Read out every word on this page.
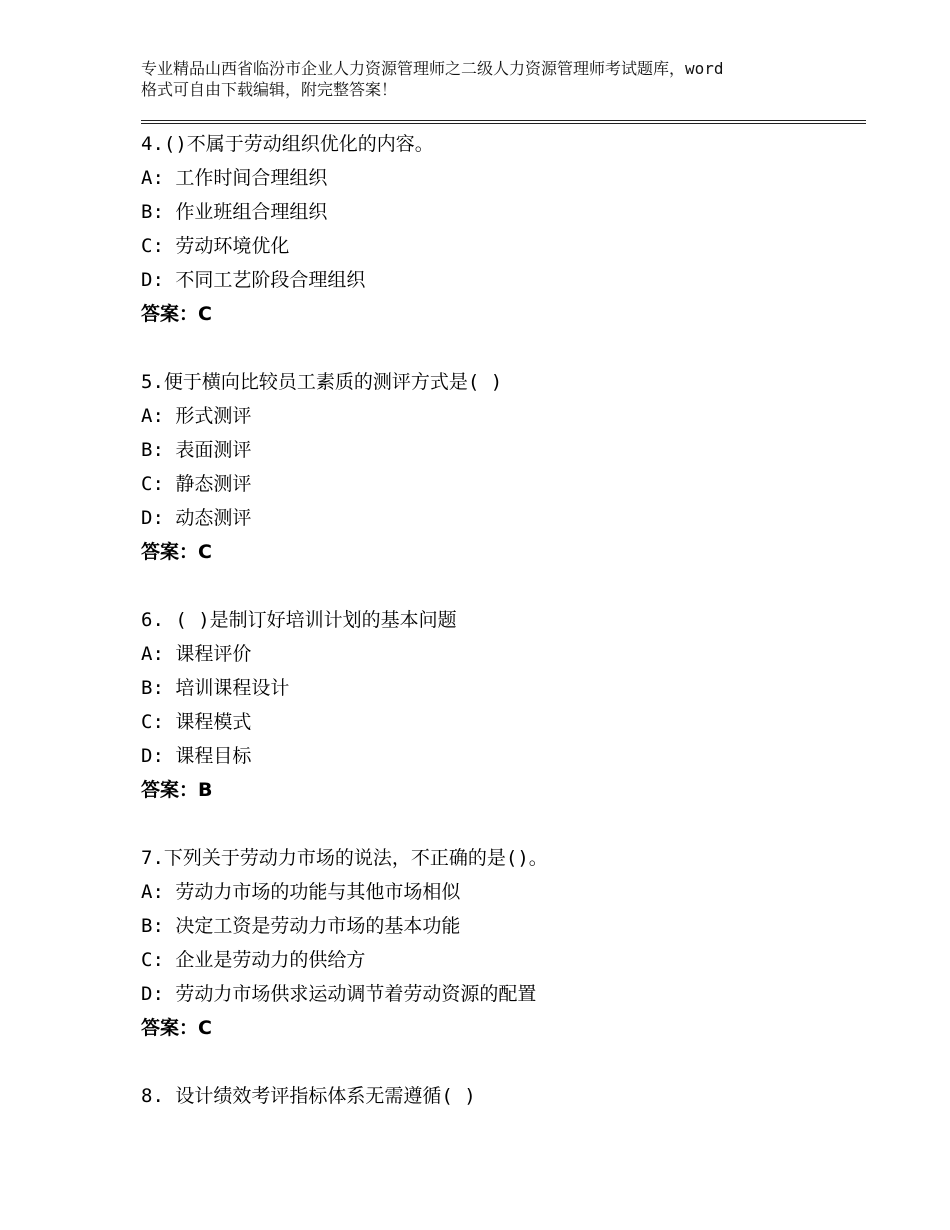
专业精品山西省临汾市企业人力资源管理师之二级人力资源管理师考试题库，word
格式可自由下载编辑，附完整答案！
4.()不属于劳动组织优化的内容。
A: 工作时间合理组织
B: 作业班组合理组织
C: 劳动环境优化
D: 不同工艺阶段合理组织
答案：C
5.便于横向比较员工素质的测评方式是( )
A: 形式测评
B: 表面测评
C: 静态测评
D: 动态测评
答案：C
6. ( )是制订好培训计划的基本问题
A: 课程评价
B: 培训课程设计
C: 课程模式
D: 课程目标
答案：B
7.下列关于劳动力市场的说法，不正确的是()。
A: 劳动力市场的功能与其他市场相似
B: 决定工资是劳动力市场的基本功能
C: 企业是劳动力的供给方
D: 劳动力市场供求运动调节着劳动资源的配置
答案：C
8. 设计绩效考评指标体系无需遵循( )
